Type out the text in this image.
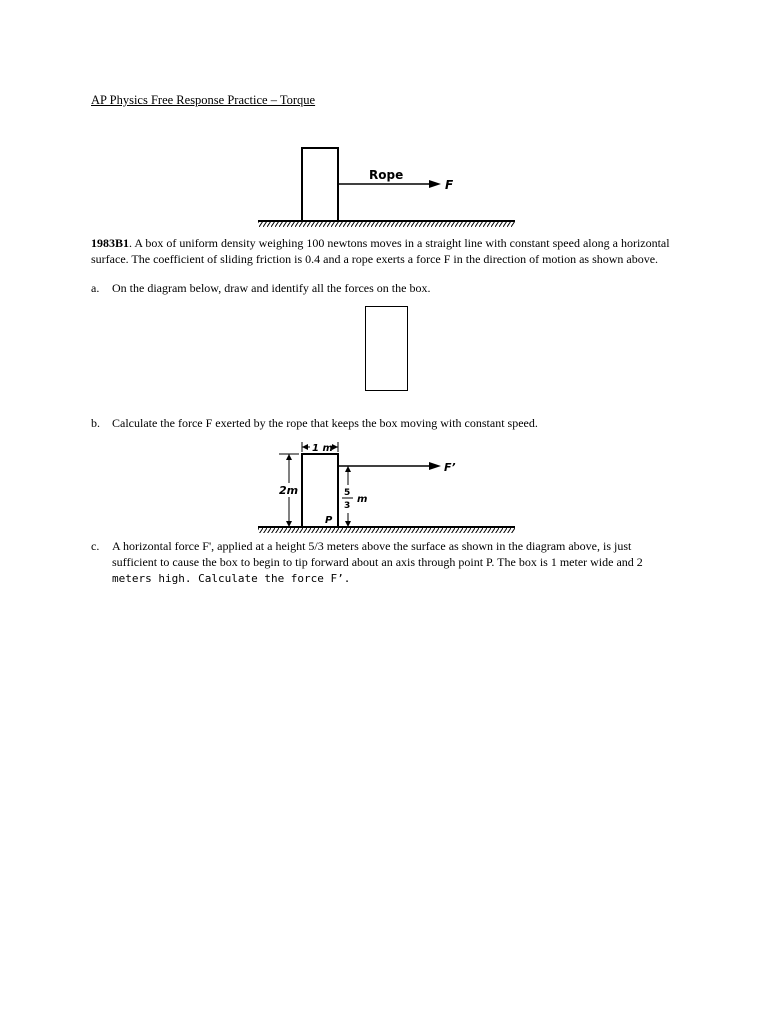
AP Physics Free Response Practice – Torque

Rope
F

1983B1. A box of uniform density weighing 100 newtons moves in a straight line with constant speed along a horizontal surface. The coefficient of sliding friction is 0.4 and a rope exerts a force F in the direction of motion as shown above.

a. On the diagram below, draw and identify all the forces on the box.

b. Calculate the force F exerted by the rope that keeps the box moving with constant speed.

1 m
2m	5
3
m
F’
P

c. A horizontal force F', applied at a height 5/3 meters above the surface as shown in the diagram above, is just sufficient to cause the box to begin to tip forward about an axis through point P. The box is 1 meter wide and 2
meters high. Calculate the force F’.
